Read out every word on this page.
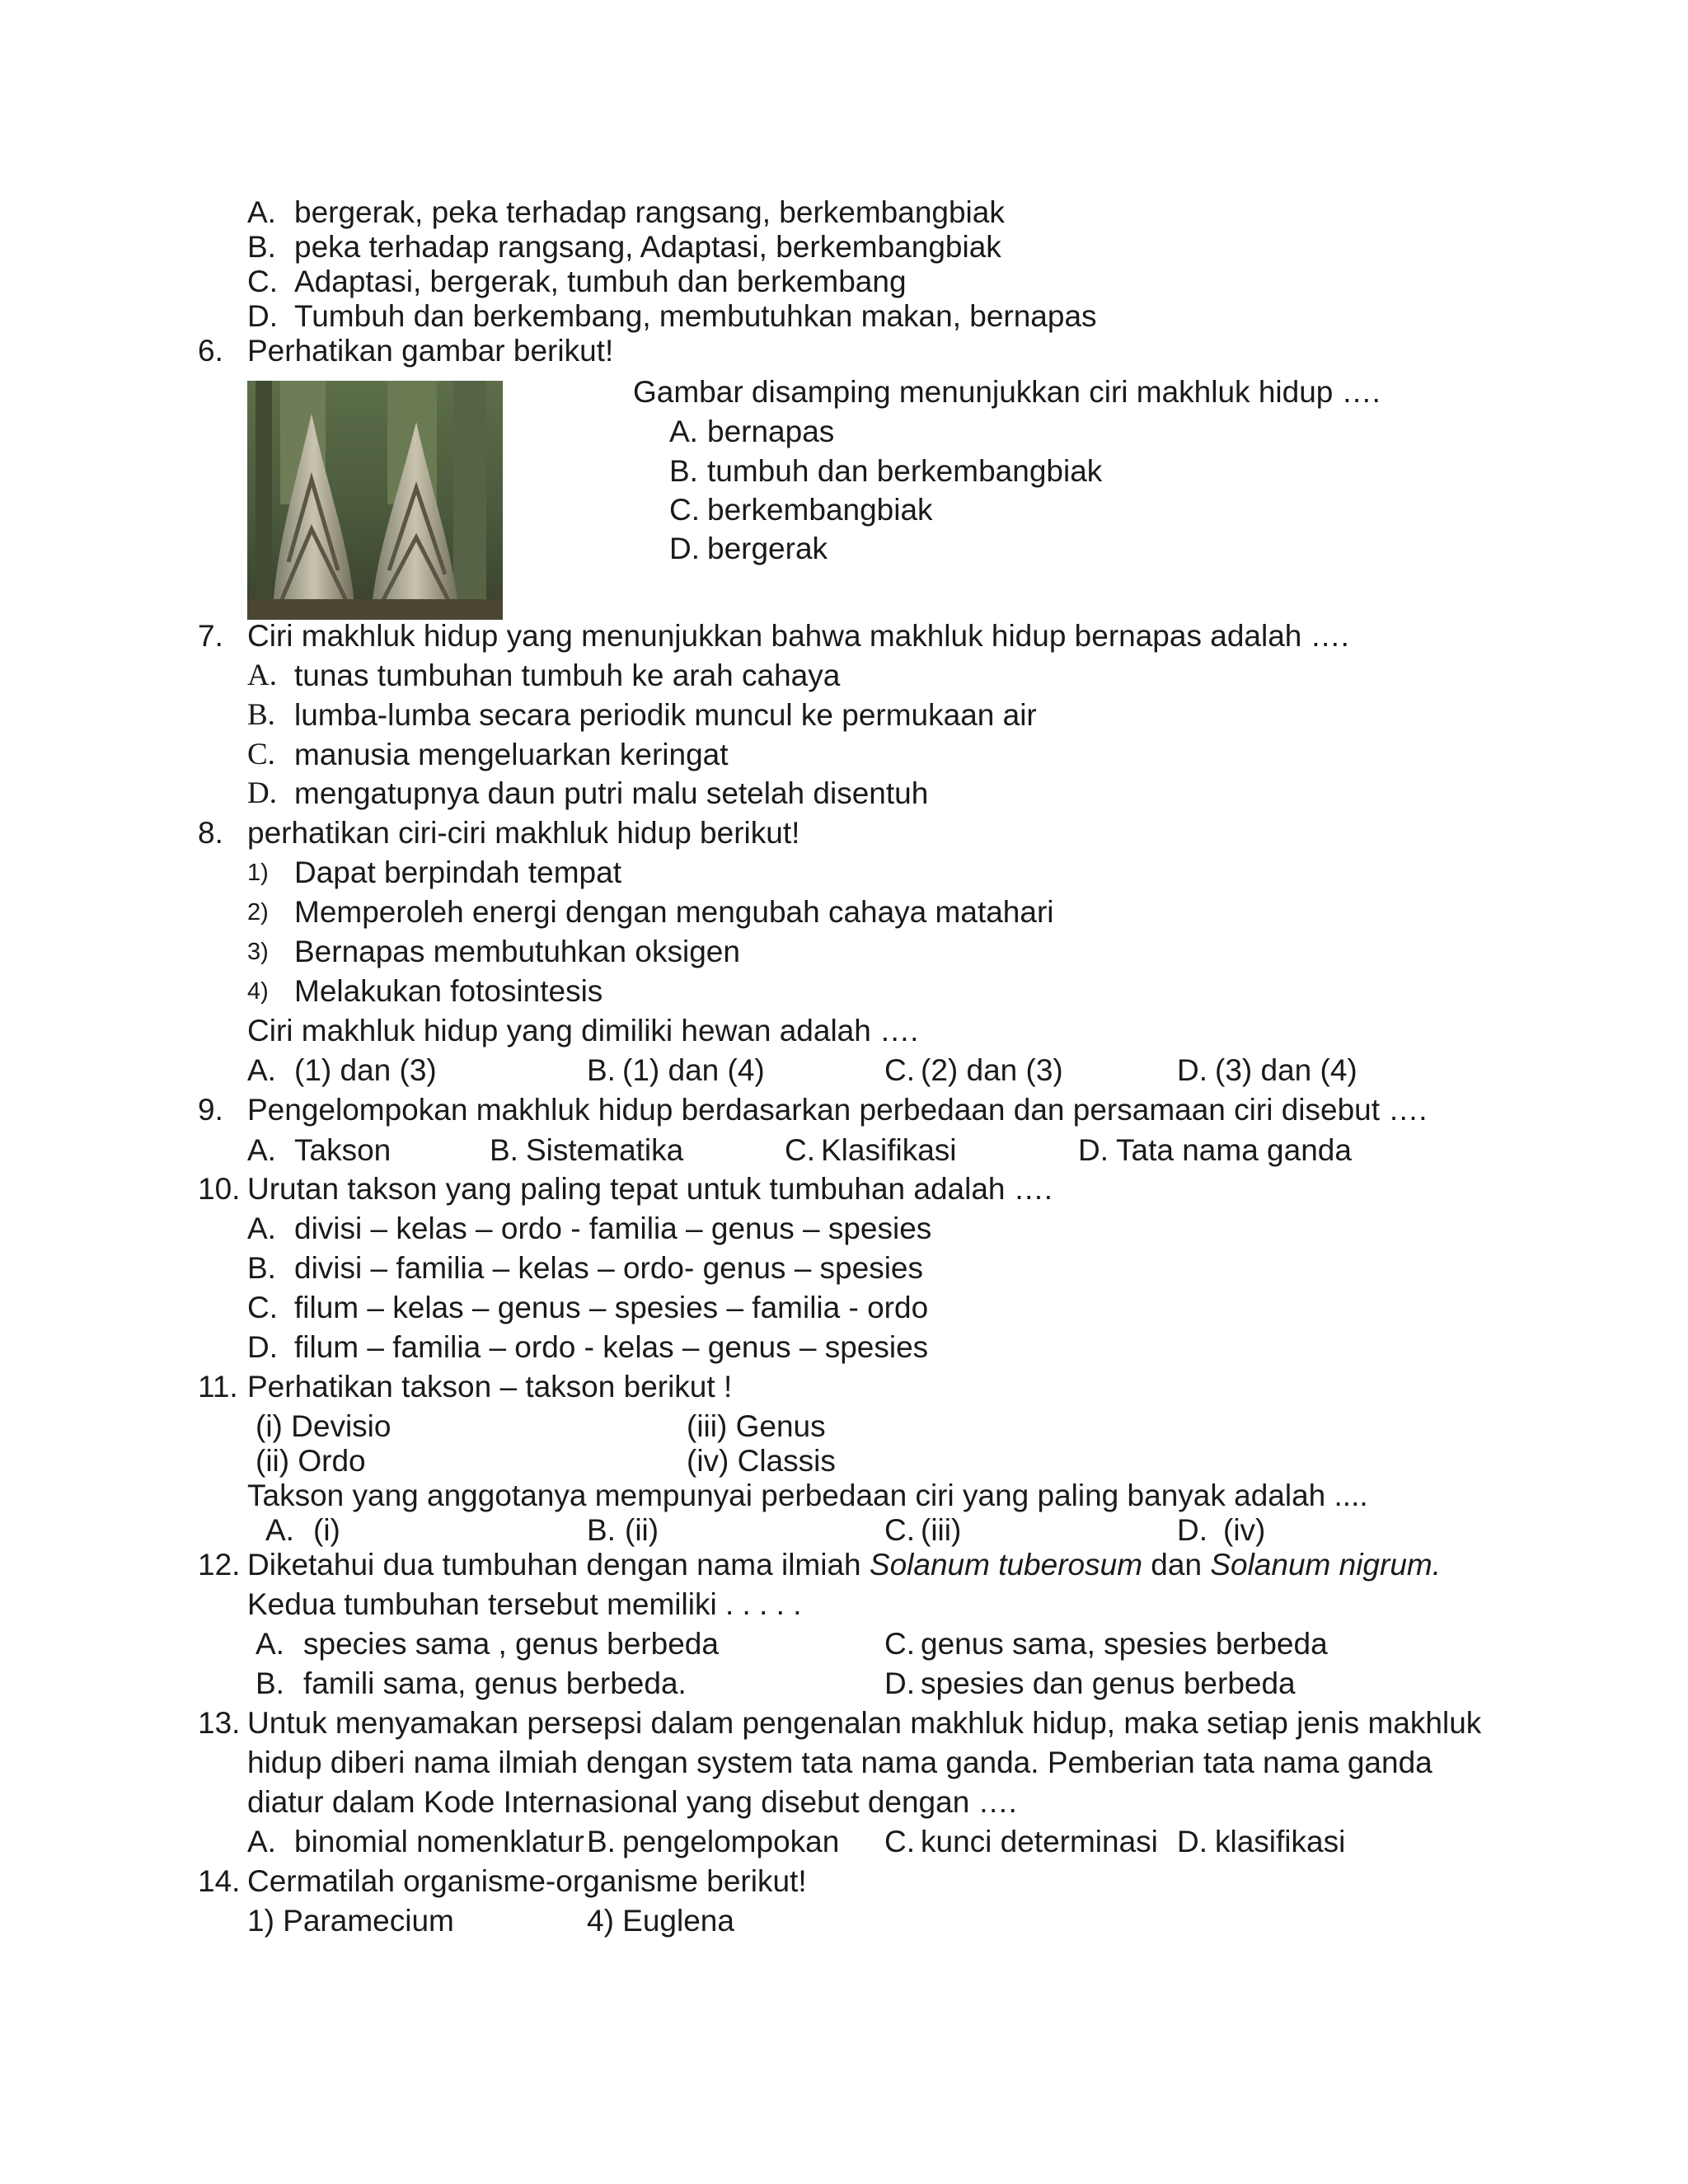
A. bergerak, peka terhadap rangsang, berkembangbiak
B. peka terhadap rangsang, Adaptasi, berkembangbiak
C. Adaptasi, bergerak, tumbuh dan berkembang
D. Tumbuh dan berkembang, membutuhkan makan, bernapas
6. Perhatikan gambar berikut!
Gambar disamping menunjukkan ciri makhluk hidup ….
A. bernapas
B. tumbuh dan berkembangbiak
C. berkembangbiak
D. bergerak
7. Ciri makhluk hidup yang menunjukkan bahwa makhluk hidup bernapas adalah ….
A. tunas tumbuhan tumbuh ke arah cahaya
B. lumba-lumba secara periodik muncul ke permukaan air
C. manusia mengeluarkan keringat
D. mengatupnya daun putri malu setelah disentuh
8. perhatikan ciri-ciri makhluk hidup berikut!
1) Dapat berpindah tempat
2) Memperoleh energi dengan mengubah cahaya matahari
3) Bernapas membutuhkan oksigen
4) Melakukan fotosintesis
Ciri makhluk hidup yang dimiliki hewan adalah ….
A. (1) dan (3)	B. (1) dan (4)	C. (2) dan (3)	D. (3) dan (4)
9. Pengelompokan makhluk hidup berdasarkan perbedaan dan persamaan ciri disebut ….
A. Takson	B. Sistematika	C. Klasifikasi	D. Tata nama ganda
10. Urutan takson yang paling tepat untuk tumbuhan adalah ….
A. divisi – kelas – ordo - familia – genus – spesies
B. divisi – familia – kelas – ordo- genus – spesies
C. filum – kelas – genus – spesies – familia - ordo
D. filum – familia – ordo - kelas – genus – spesies
11. Perhatikan takson – takson berikut !
(i) Devisio	(iii) Genus
(ii) Ordo	(iv) Classis
Takson yang anggotanya mempunyai perbedaan ciri yang paling banyak adalah ....
A. (i)	B. (ii)	C. (iii)	D. (iv)
12. Diketahui dua tumbuhan dengan nama ilmiah Solanum tuberosum dan Solanum nigrum.
Kedua tumbuhan tersebut memiliki . . . . .
A. species sama , genus berbeda
B. famili sama, genus berbeda.
C. genus sama, spesies berbeda
D. spesies dan genus berbeda
13. Untuk menyamakan persepsi dalam pengenalan makhluk hidup, maka setiap jenis makhluk
hidup diberi nama ilmiah dengan system tata nama ganda. Pemberian tata nama ganda
diatur dalam Kode Internasional yang disebut dengan ….
A. binomial nomenklatur B. pengelompokan C. kunci determinasi D. klasifikasi
14. Cermatilah organisme-organisme berikut!
1) Paramecium	4) Euglena
